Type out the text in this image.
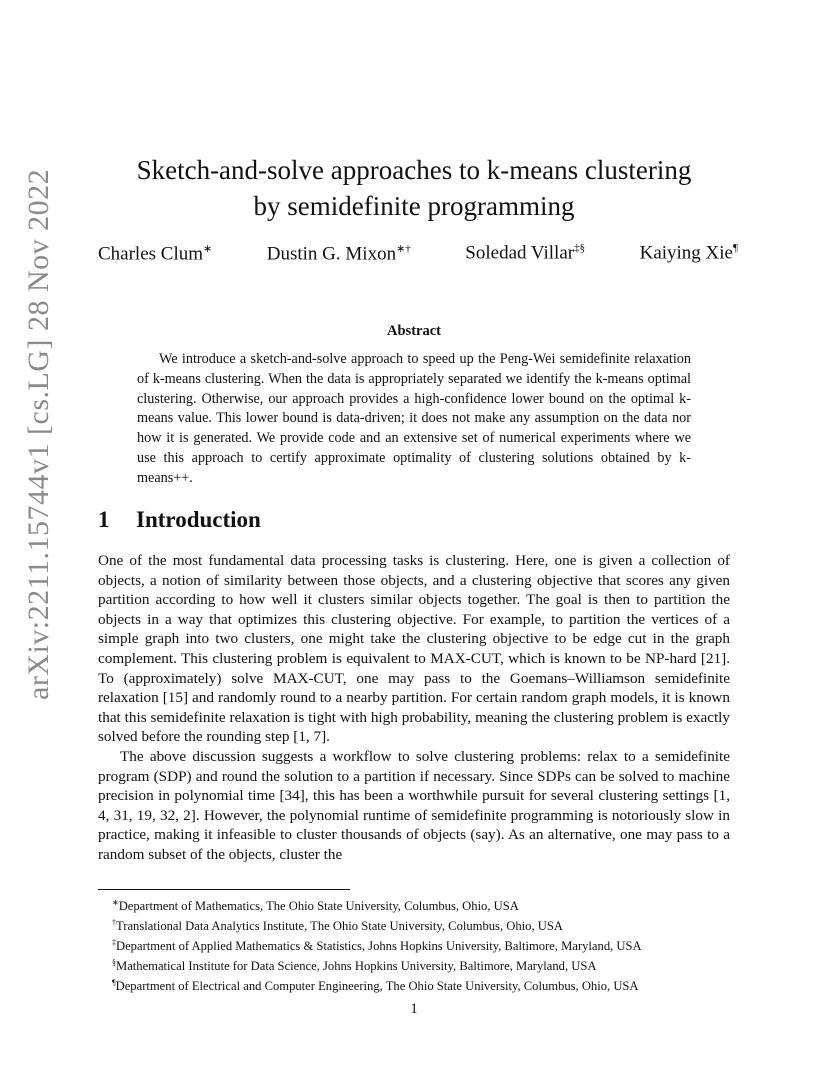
arXiv:2211.15744v1 [cs.LG] 28 Nov 2022	Sketch-and-solve approaches to k-means clustering
by semidefinite programming
Charles Clum∗	Dustin G. Mixon∗†	Soledad Villar‡§	Kaiying Xie¶
Abstract
We introduce a sketch-and-solve approach to speed up the Peng-Wei semidefinite relaxation of k-means clustering. When the data is appropriately separated we identify the k-means optimal clustering. Otherwise, our approach provides a high-confidence lower bound on the optimal k-means value. This lower bound is data-driven; it does not make any assumption on the data nor how it is generated. We provide code and an extensive set of numerical experiments where we use this approach to certify approximate optimality of clustering solutions obtained by k-means++.
1 Introduction

One of the most fundamental data processing tasks is clustering. Here, one is given a collection of objects, a notion of similarity between those objects, and a clustering objective that scores any given partition according to how well it clusters similar objects together. The goal is then to partition the objects in a way that optimizes this clustering objective. For example, to partition the vertices of a simple graph into two clusters, one might take the clustering objective to be edge cut in the graph complement. This clustering problem is equivalent to MAX-CUT, which is known to be NP-hard [21]. To (approximately) solve MAX-CUT, one may pass to the Goemans–Williamson semidefinite relaxation [15] and randomly round to a nearby partition. For certain random graph models, it is known that this semidefinite relaxation is tight with high probability, meaning the clustering problem is exactly solved before the rounding step [1, 7].

The above discussion suggests a workflow to solve clustering problems: relax to a semidefinite program (SDP) and round the solution to a partition if necessary. Since SDPs can be solved to machine precision in polynomial time [34], this has been a worthwhile pursuit for several clustering settings [1, 4, 31, 19, 32, 2]. However, the polynomial runtime of semidefinite programming is notoriously slow in practice, making it infeasible to cluster thousands of objects (say). As an alternative, one may pass to a random subset of the objects, cluster the

∗Department of Mathematics, The Ohio State University, Columbus, Ohio, USA
†Translational Data Analytics Institute, The Ohio State University, Columbus, Ohio, USA
‡Department of Applied Mathematics & Statistics, Johns Hopkins University, Baltimore, Maryland, USA
§Mathematical Institute for Data Science, Johns Hopkins University, Baltimore, Maryland, USA
¶Department of Electrical and Computer Engineering, The Ohio State University, Columbus, Ohio, USA
1
